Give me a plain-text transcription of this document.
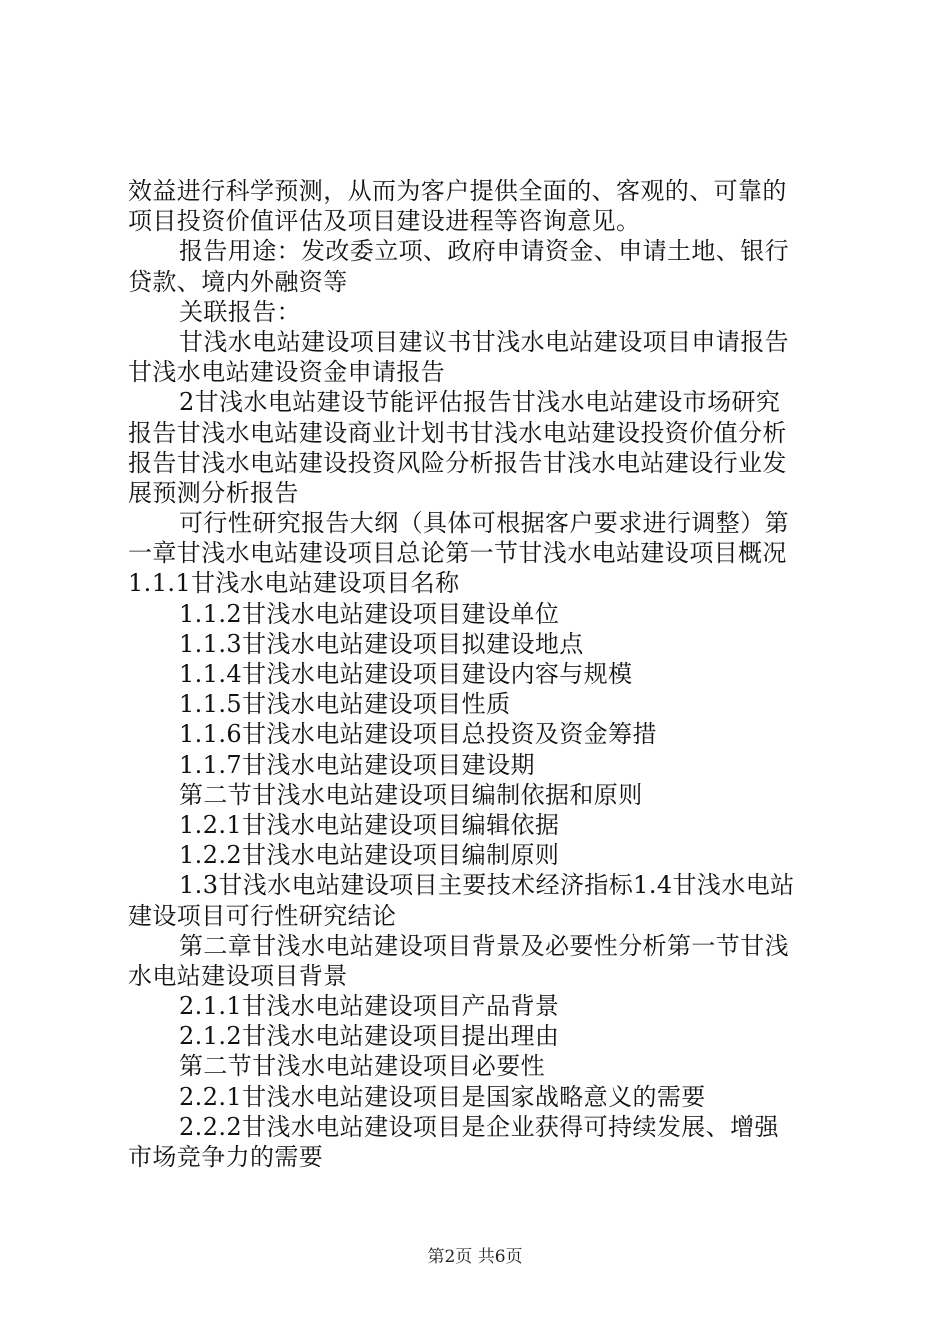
效益进行科学预测，从而为客户提供全面的、客观的、可靠的
项目投资价值评估及项目建设进程等咨询意见。
报告用途：发改委立项、政府申请资金、申请土地、银行
贷款、境内外融资等
关联报告：
甘浅水电站建设项目建议书甘浅水电站建设项目申请报告
甘浅水电站建设资金申请报告
2甘浅水电站建设节能评估报告甘浅水电站建设市场研究
报告甘浅水电站建设商业计划书甘浅水电站建设投资价值分析
报告甘浅水电站建设投资风险分析报告甘浅水电站建设行业发
展预测分析报告
可行性研究报告大纲（具体可根据客户要求进行调整）第
一章甘浅水电站建设项目总论第一节甘浅水电站建设项目概况
1.1.1甘浅水电站建设项目名称
1.1.2甘浅水电站建设项目建设单位
1.1.3甘浅水电站建设项目拟建设地点
1.1.4甘浅水电站建设项目建设内容与规模
1.1.5甘浅水电站建设项目性质
1.1.6甘浅水电站建设项目总投资及资金筹措
1.1.7甘浅水电站建设项目建设期
第二节甘浅水电站建设项目编制依据和原则
1.2.1甘浅水电站建设项目编辑依据
1.2.2甘浅水电站建设项目编制原则
1.3甘浅水电站建设项目主要技术经济指标1.4甘浅水电站
建设项目可行性研究结论
第二章甘浅水电站建设项目背景及必要性分析第一节甘浅
水电站建设项目背景
2.1.1甘浅水电站建设项目产品背景
2.1.2甘浅水电站建设项目提出理由
第二节甘浅水电站建设项目必要性
2.2.1甘浅水电站建设项目是国家战略意义的需要
2.2.2甘浅水电站建设项目是企业获得可持续发展、增强
市场竞争力的需要
第2页 共6页
